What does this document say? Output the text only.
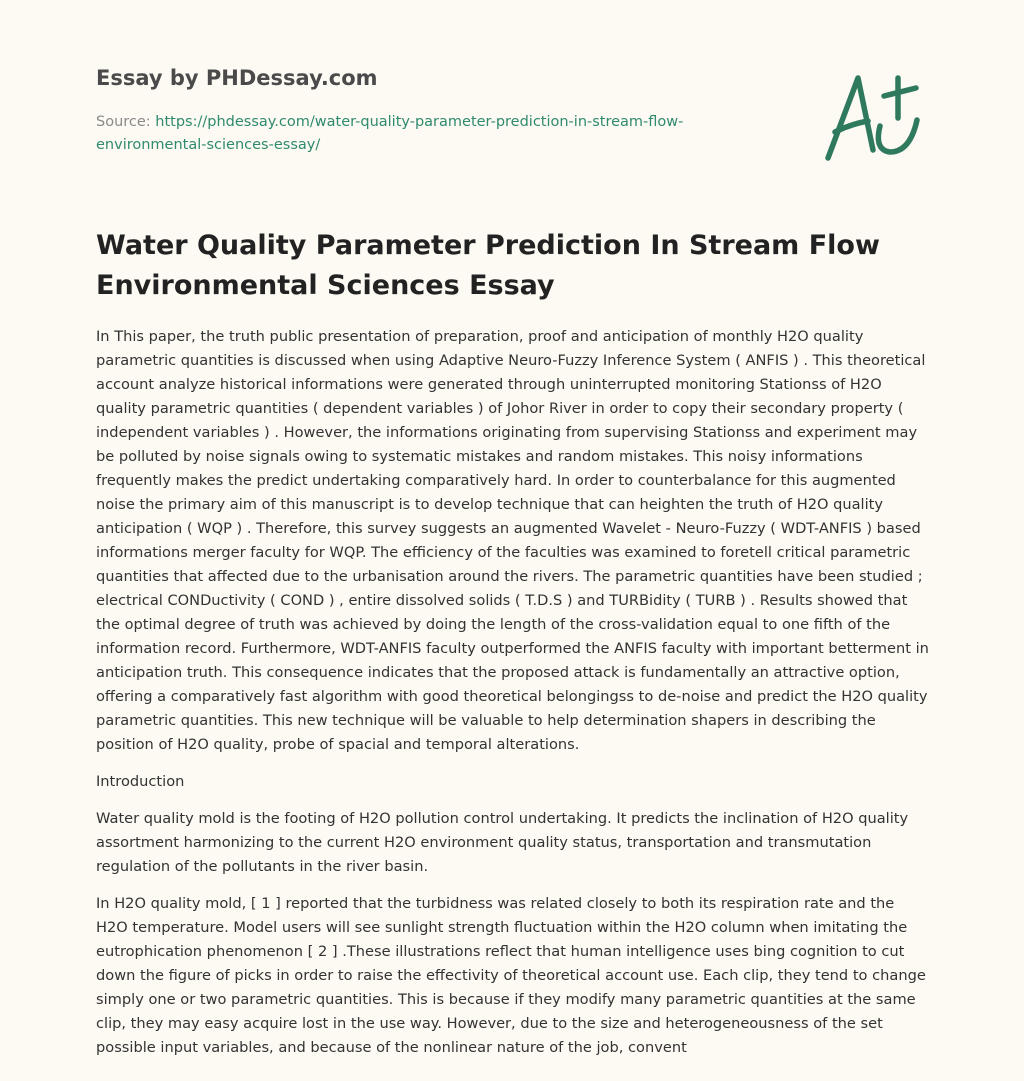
Essay by PHDessay.com
Source: https://phdessay.com/water-quality-parameter-prediction-in-stream-flow-environmental-sciences-essay/
Water Quality Parameter Prediction In Stream Flow Environmental Sciences Essay

In This paper, the truth public presentation of preparation, proof and anticipation of monthly H2O quality parametric quantities is discussed when using Adaptive Neuro-Fuzzy Inference System ( ANFIS ) . This theoretical account analyze historical informations were generated through uninterrupted monitoring Stationss of H2O quality parametric quantities ( dependent variables ) of Johor River in order to copy their secondary property ( independent variables ) . However, the informations originating from supervising Stationss and experiment may be polluted by noise signals owing to systematic mistakes and random mistakes. This noisy informations frequently makes the predict undertaking comparatively hard. In order to counterbalance for this augmented noise the primary aim of this manuscript is to develop technique that can heighten the truth of H2O quality anticipation ( WQP ) . Therefore, this survey suggests an augmented Wavelet - Neuro-Fuzzy ( WDT-ANFIS ) based informations merger faculty for WQP. The efficiency of the faculties was examined to foretell critical parametric quantities that affected due to the urbanisation around the rivers. The parametric quantities have been studied ; electrical CONDuctivity ( COND ) , entire dissolved solids ( T.D.S ) and TURBidity ( TURB ) . Results showed that the optimal degree of truth was achieved by doing the length of the cross-validation equal to one fifth of the information record. Furthermore, WDT-ANFIS faculty outperformed the ANFIS faculty with important betterment in anticipation truth. This consequence indicates that the proposed attack is fundamentally an attractive option, offering a comparatively fast algorithm with good theoretical belongingss to de-noise and predict the H2O quality parametric quantities. This new technique will be valuable to help determination shapers in describing the position of H2O quality, probe of spacial and temporal alterations.

Introduction

Water quality mold is the footing of H2O pollution control undertaking. It predicts the inclination of H2O quality assortment harmonizing to the current H2O environment quality status, transportation and transmutation regulation of the pollutants in the river basin.

In H2O quality mold, [ 1 ] reported that the turbidness was related closely to both its respiration rate and the H2O temperature. Model users will see sunlight strength fluctuation within the H2O column when imitating the eutrophication phenomenon [ 2 ] .These illustrations reflect that human intelligence uses bing cognition to cut down the figure of picks in order to raise the effectivity of theoretical account use. Each clip, they tend to change simply one or two parametric quantities. This is because if they modify many parametric quantities at the same clip, they may easy acquire lost in the use way. However, due to the size and heterogeneousness of the set possible input variables, and because of the nonlinear nature of the job, convent
